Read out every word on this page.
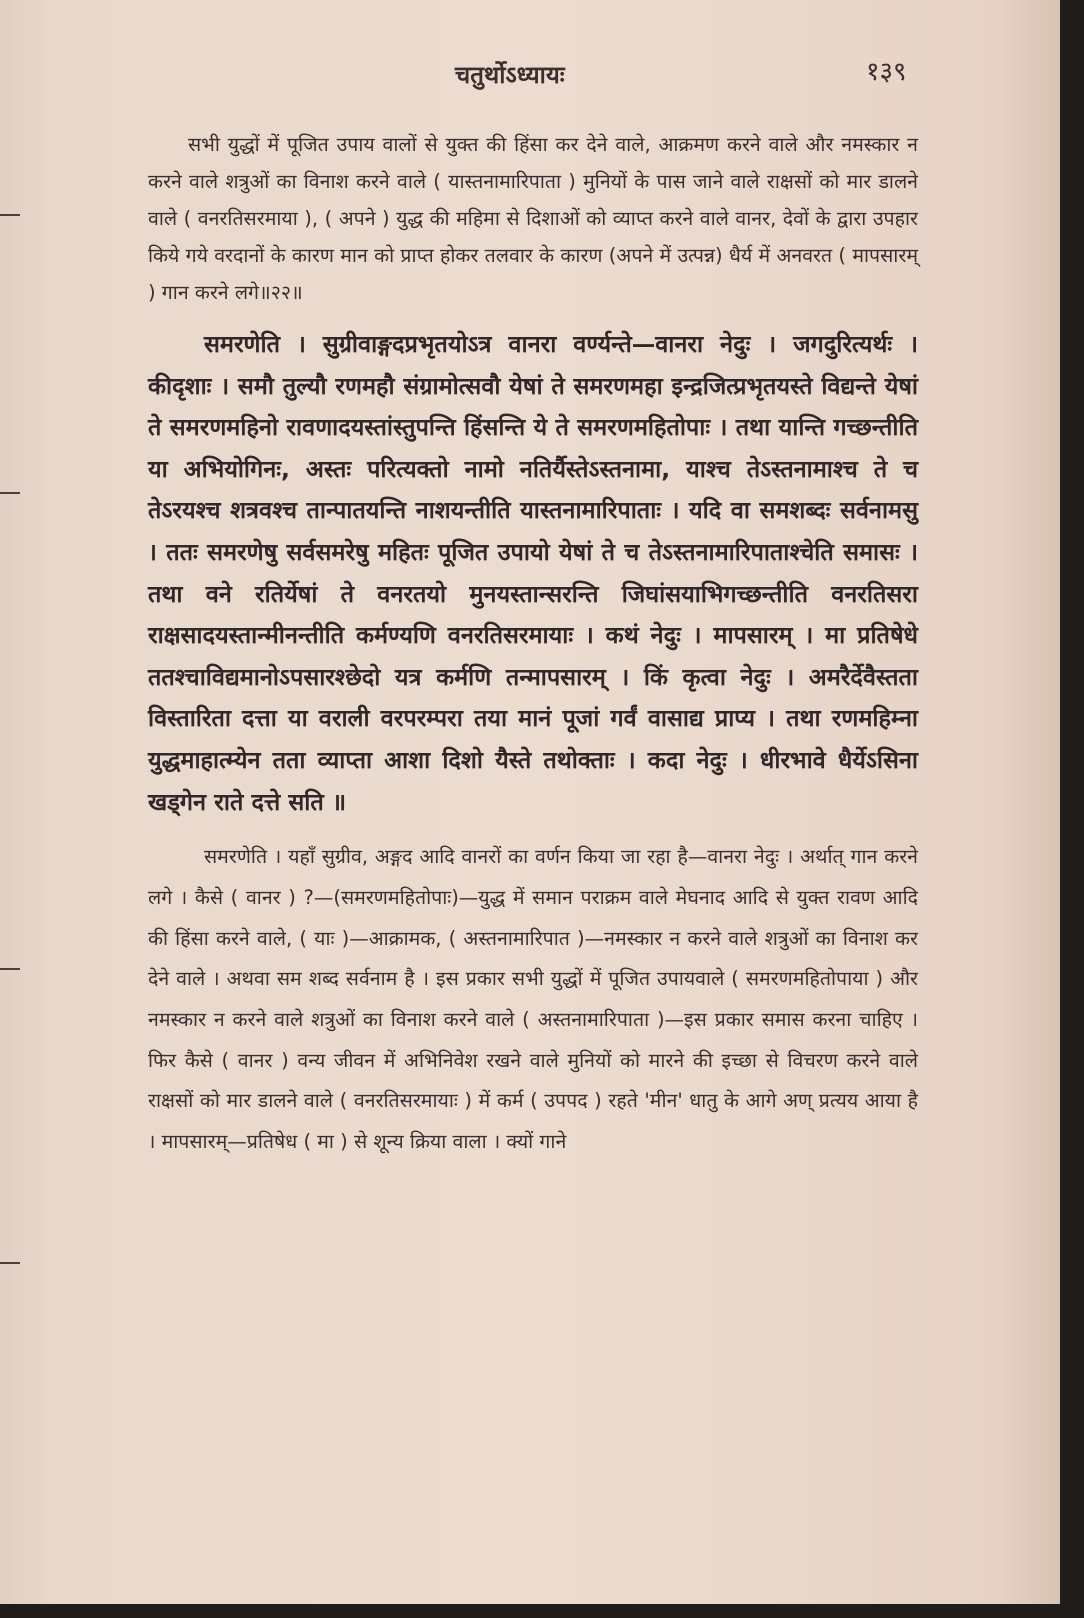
चतुर्थोऽध्यायः	१३९

सभी युद्धों में पूजित उपाय वालों से युक्त की हिंसा कर देने वाले, आक्रमण करने वाले और नमस्कार न करने वाले शत्रुओं का विनाश करने वाले ( यास्तनामारिपाता ) मुनियों के पास जाने वाले राक्षसों को मार डालने वाले ( वनरतिसरमाया ), ( अपने ) युद्ध की महिमा से दिशाओं को व्याप्त करने वाले वानर, देवों के द्वारा उपहार किये गये वरदानों के कारण मान को प्राप्त होकर तलवार के कारण (अपने में उत्पन्न) धैर्य में अनवरत ( मापसारम् ) गान करने लगे॥२२॥

समरणेति । सुग्रीवाङ्गदप्रभृतयोऽत्र वानरा वर्ण्यन्ते—वानरा नेदुः । जगदुरित्यर्थः । कीदृशाः । समौ तुल्यौ रणमहौ संग्रामोत्सवौ येषां ते समरणमहा इन्द्रजित्प्रभृतयस्ते विद्यन्ते येषां ते समरणमहिनो रावणादयस्तांस्तुपन्ति हिंसन्ति ये ते समरणमहितोपाः । तथा यान्ति गच्छन्तीति या अभियोगिनः, अस्तः परित्यक्तो नामो नतिर्यैस्तेऽस्तनामा, याश्च तेऽस्तनामाश्च ते च तेऽरयश्च शत्रवश्च तान्पातयन्ति नाशयन्तीति यास्तनामारिपाताः । यदि वा समशब्दः सर्वनामसु । ततः समरणेषु सर्वसमरेषु महितः पूजित उपायो येषां ते च तेऽस्तनामारिपाताश्चेति समासः । तथा वने रतिर्येषां ते वनरतयो मुनयस्तान्सरन्ति जिघांसयाभिगच्छन्तीति वनरतिसरा राक्षसादयस्तान्मीनन्तीति कर्मण्यणि वनरतिसरमायाः । कथं नेदुः । मापसारम् । मा प्रतिषेधे ततश्चाविद्यमानोऽपसारश्छेदो यत्र कर्मणि तन्मापसारम् । किं कृत्वा नेदुः । अमरैर्देवैस्तता विस्तारिता दत्ता या वराली वरपरम्परा तया मानं पूजां गर्वं वासाद्य प्राप्य । तथा रणमहिम्ना युद्धमाहात्म्येन तता व्याप्ता आशा दिशो यैस्ते तथोक्ताः । कदा नेदुः । धीरभावे धैर्येऽसिना खड्गेन राते दत्ते सति ॥

समरणेति । यहाँ सुग्रीव, अङ्गद आदि वानरों का वर्णन किया जा रहा है—वानरा नेदुः । अर्थात् गान करने लगे । कैसे ( वानर ) ?—(समरणमहितोपाः)—युद्ध में समान पराक्रम वाले मेघनाद आदि से युक्त रावण आदि की हिंसा करने वाले, ( याः )—आक्रामक, ( अस्तनामारिपात )—नमस्कार न करने वाले शत्रुओं का विनाश कर देने वाले । अथवा सम शब्द सर्वनाम है । इस प्रकार सभी युद्धों में पूजित उपायवाले ( समरणमहितोपाया ) और नमस्कार न करने वाले शत्रुओं का विनाश करने वाले ( अस्तनामारिपाता )—इस प्रकार समास करना चाहिए । फिर कैसे ( वानर ) वन्य जीवन में अभिनिवेश रखने वाले मुनियों को मारने की इच्छा से विचरण करने वाले राक्षसों को मार डालने वाले ( वनरतिसरमायाः ) में कर्म ( उपपद ) रहते 'मीन' धातु के आगे अण् प्रत्यय आया है । मापसारम्—प्रतिषेध ( मा ) से शून्य क्रिया वाला । क्यों गाने
